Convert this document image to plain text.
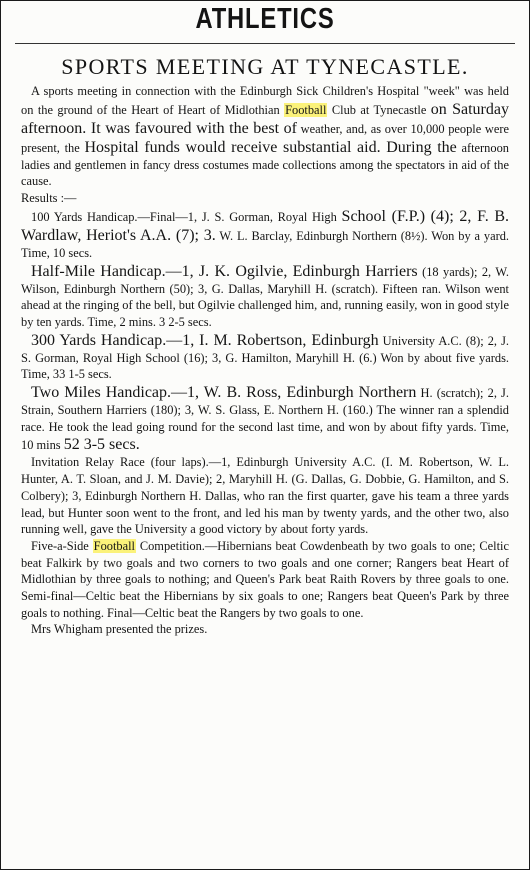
ATHLETICS
SPORTS MEETING AT TYNECASTLE.

A sports meeting in connection with the Edinburgh Sick Children's Hospital "week" was held on the ground of the Heart of Heart of Midlothian Football Club at Tynecastle on Saturday afternoon. It was favoured with the best of weather, and, as over 10,000 people were present, the Hospital funds would receive substantial aid. During the afternoon ladies and gentlemen in fancy dress costumes made collections among the spectators in aid of the cause.
Results :—

100 Yards Handicap.—Final—1, J. S. Gorman, Royal High School (F.P.) (4); 2, F. B. Wardlaw, Heriot's A.A. (7); 3. W. L. Barclay, Edinburgh Northern (8½). Won by a yard. Time, 10 secs.

Half-Mile Handicap.—1, J. K. Ogilvie, Edinburgh Harriers (18 yards); 2, W. Wilson, Edinburgh Northern (50); 3, G. Dallas, Maryhill H. (scratch). Fifteen ran. Wilson went ahead at the ringing of the bell, but Ogilvie challenged him, and, running easily, won in good style by ten yards. Time, 2 mins. 3 2-5 secs.

300 Yards Handicap.—1, I. M. Robertson, Edinburgh University A.C. (8); 2, J. S. Gorman, Royal High School (16); 3, G. Hamilton, Maryhill H. (6.) Won by about five yards. Time, 33 1-5 secs.

Two Miles Handicap.—1, W. B. Ross, Edinburgh Northern H. (scratch); 2, J. Strain, Southern Harriers (180); 3, W. S. Glass, E. Northern H. (160.) The winner ran a splendid race. He took the lead going round for the second last time, and won by about fifty yards. Time, 10 mins 52 3-5 secs.

Invitation Relay Race (four laps).—1, Edinburgh University A.C. (I. M. Robertson, W. L. Hunter, A. T. Sloan, and J. M. Davie); 2, Maryhill H. (G. Dallas, G. Dobbie, G. Hamilton, and S. Colbery); 3, Edinburgh Northern H. Dallas, who ran the first quarter, gave his team a three yards lead, but Hunter soon went to the front, and led his man by twenty yards, and the other two, also running well, gave the University a good victory by about forty yards.

Five-a-Side Football Competition.—Hibernians beat Cowdenbeath by two goals to one; Celtic beat Falkirk by two goals and two corners to two goals and one corner; Rangers beat Heart of Midlothian by three goals to nothing; and Queen's Park beat Raith Rovers by three goals to one. Semi-final—Celtic beat the Hibernians by six goals to one; Rangers beat Queen's Park by three goals to nothing. Final—Celtic beat the Rangers by two goals to one.

Mrs Whigham presented the prizes.
